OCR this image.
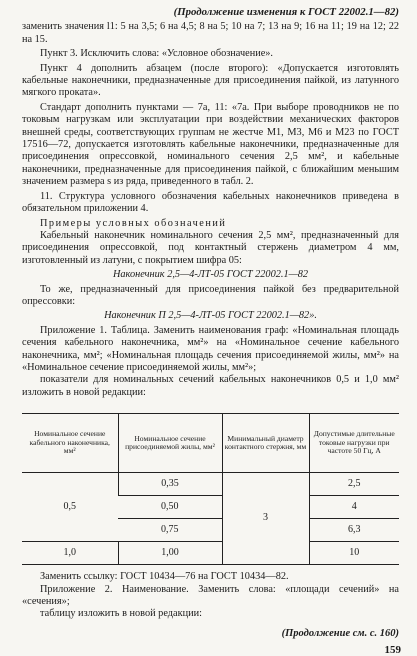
(Продолжение изменения к ГОСТ 22002.1—82)

заменить значения l1: 5 на 3,5; 6 на 4,5; 8 на 5; 10 на 7; 13 на 9; 16 на 11; 19 на 12; 22 на 15.

Пункт 3. Исключить слова: «Условное обозначение».

Пункт 4 дополнить абзацем (после второго): «Допускается изготовлять кабельные наконечники, предназначенные для присоединения пайкой, из латунного мягкого проката».

Стандарт дополнить пунктами — 7а, 11: «7а. При выборе проводников не по токовым нагрузкам или эксплуатации при воздействии механических факторов внешней среды, соответствующих группам не жестче М1, М3, М6 и М23 по ГОСТ 17516—72, допускается изготовлять кабельные наконечники, предназначенные для присоединения опрессовкой, номинального сечения 2,5 мм², и кабельные наконечники, предназначенные для присоединения пайкой, с ближайшим меньшим значением размера s из ряда, приведенного в табл. 2.

11. Структура условного обозначения кабельных наконечников приведена в обязательном приложении 4.

Примеры условных обозначений

Кабельный наконечник номинального сечения 2,5 мм², предназначенный для присоединения опрессовкой, под контактный стержень диаметром 4 мм, изготовленный из латуни, с покрытием шифра 05:

Наконечник 2,5—4-ЛТ-05 ГОСТ 22002.1—82

То же, предназначенный для присоединения пайкой без предварительной опрессовки:

Наконечник П 2,5—4-ЛТ-05 ГОСТ 22002.1—82».

Приложение 1. Таблица. Заменить наименования граф: «Номинальная площадь сечения кабельного наконечника, мм²» на «Номинальное сечение кабельного наконечника, мм²; «Номинальная площадь сечения присоединяемой жилы, мм²» на «Номинальное сечение присоединяемой жилы, мм²»;

показатели для номинальных сечений кабельных наконечников 0,5 и 1,0 мм² изложить в новой редакции:

Номинальное сечение кабельного наконечника, мм²	Номинальное сечение присоединяемой жилы, мм²	Минимальный диаметр контактного стержня, мм	Допустимые длительные токовые нагрузки при частоте 50 Гц, А
0,5	0,35	3	2,5
	0,50		4
	0,75		6,3
1,0	1,00		10

Заменить ссылку: ГОСТ 10434—76 на ГОСТ 10434—82.

Приложение 2. Наименование. Заменить слова: «площади сечений» на «сечения»;

таблицу изложить в новой редакции:

(Продолжение см. с. 160)
159
